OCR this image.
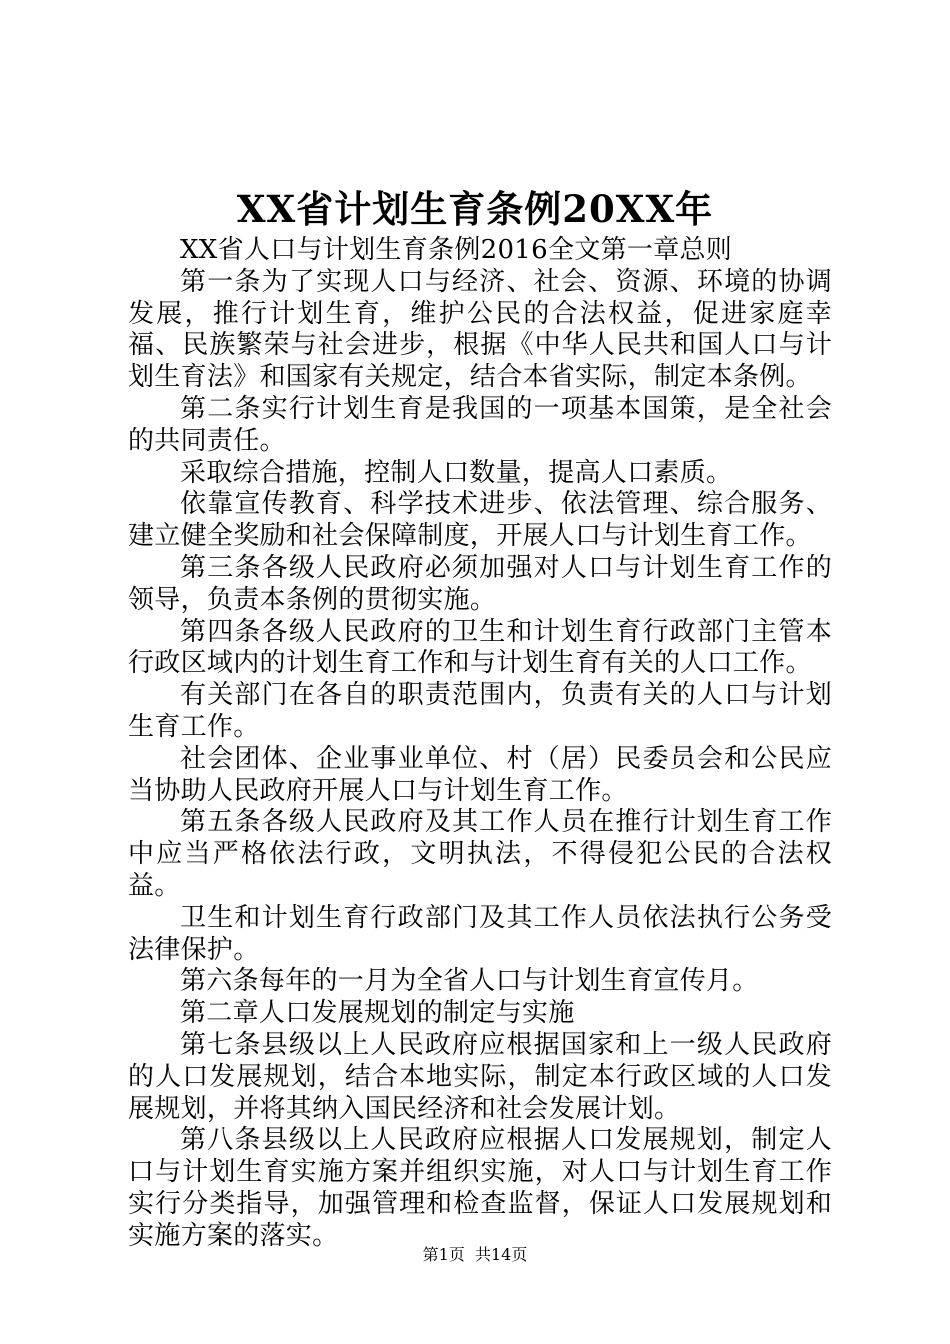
XX省计划生育条例20XX年

XX省人口与计划生育条例2016全文第一章总则

第一条为了实现人口与经济、社会、资源、环境的协调发展，推行计划生育，维护公民的合法权益，促进家庭幸福、民族繁荣与社会进步，根据《中华人民共和国人口与计划生育法》和国家有关规定，结合本省实际，制定本条例。

第二条实行计划生育是我国的一项基本国策，是全社会的共同责任。

采取综合措施，控制人口数量，提高人口素质。

依靠宣传教育、科学技术进步、依法管理、综合服务、建立健全奖励和社会保障制度，开展人口与计划生育工作。

第三条各级人民政府必须加强对人口与计划生育工作的领导，负责本条例的贯彻实施。

第四条各级人民政府的卫生和计划生育行政部门主管本行政区域内的计划生育工作和与计划生育有关的人口工作。

有关部门在各自的职责范围内，负责有关的人口与计划生育工作。

社会团体、企业事业单位、村（居）民委员会和公民应当协助人民政府开展人口与计划生育工作。

第五条各级人民政府及其工作人员在推行计划生育工作中应当严格依法行政，文明执法，不得侵犯公民的合法权益。

卫生和计划生育行政部门及其工作人员依法执行公务受法律保护。

第六条每年的一月为全省人口与计划生育宣传月。

第二章人口发展规划的制定与实施

第七条县级以上人民政府应根据国家和上一级人民政府的人口发展规划，结合本地实际，制定本行政区域的人口发展规划，并将其纳入国民经济和社会发展计划。

第八条县级以上人民政府应根据人口发展规划，制定人口与计划生育实施方案并组织实施，对人口与计划生育工作实行分类指导，加强管理和检查监督，保证人口发展规划和实施方案的落实。

第1页  共14页
